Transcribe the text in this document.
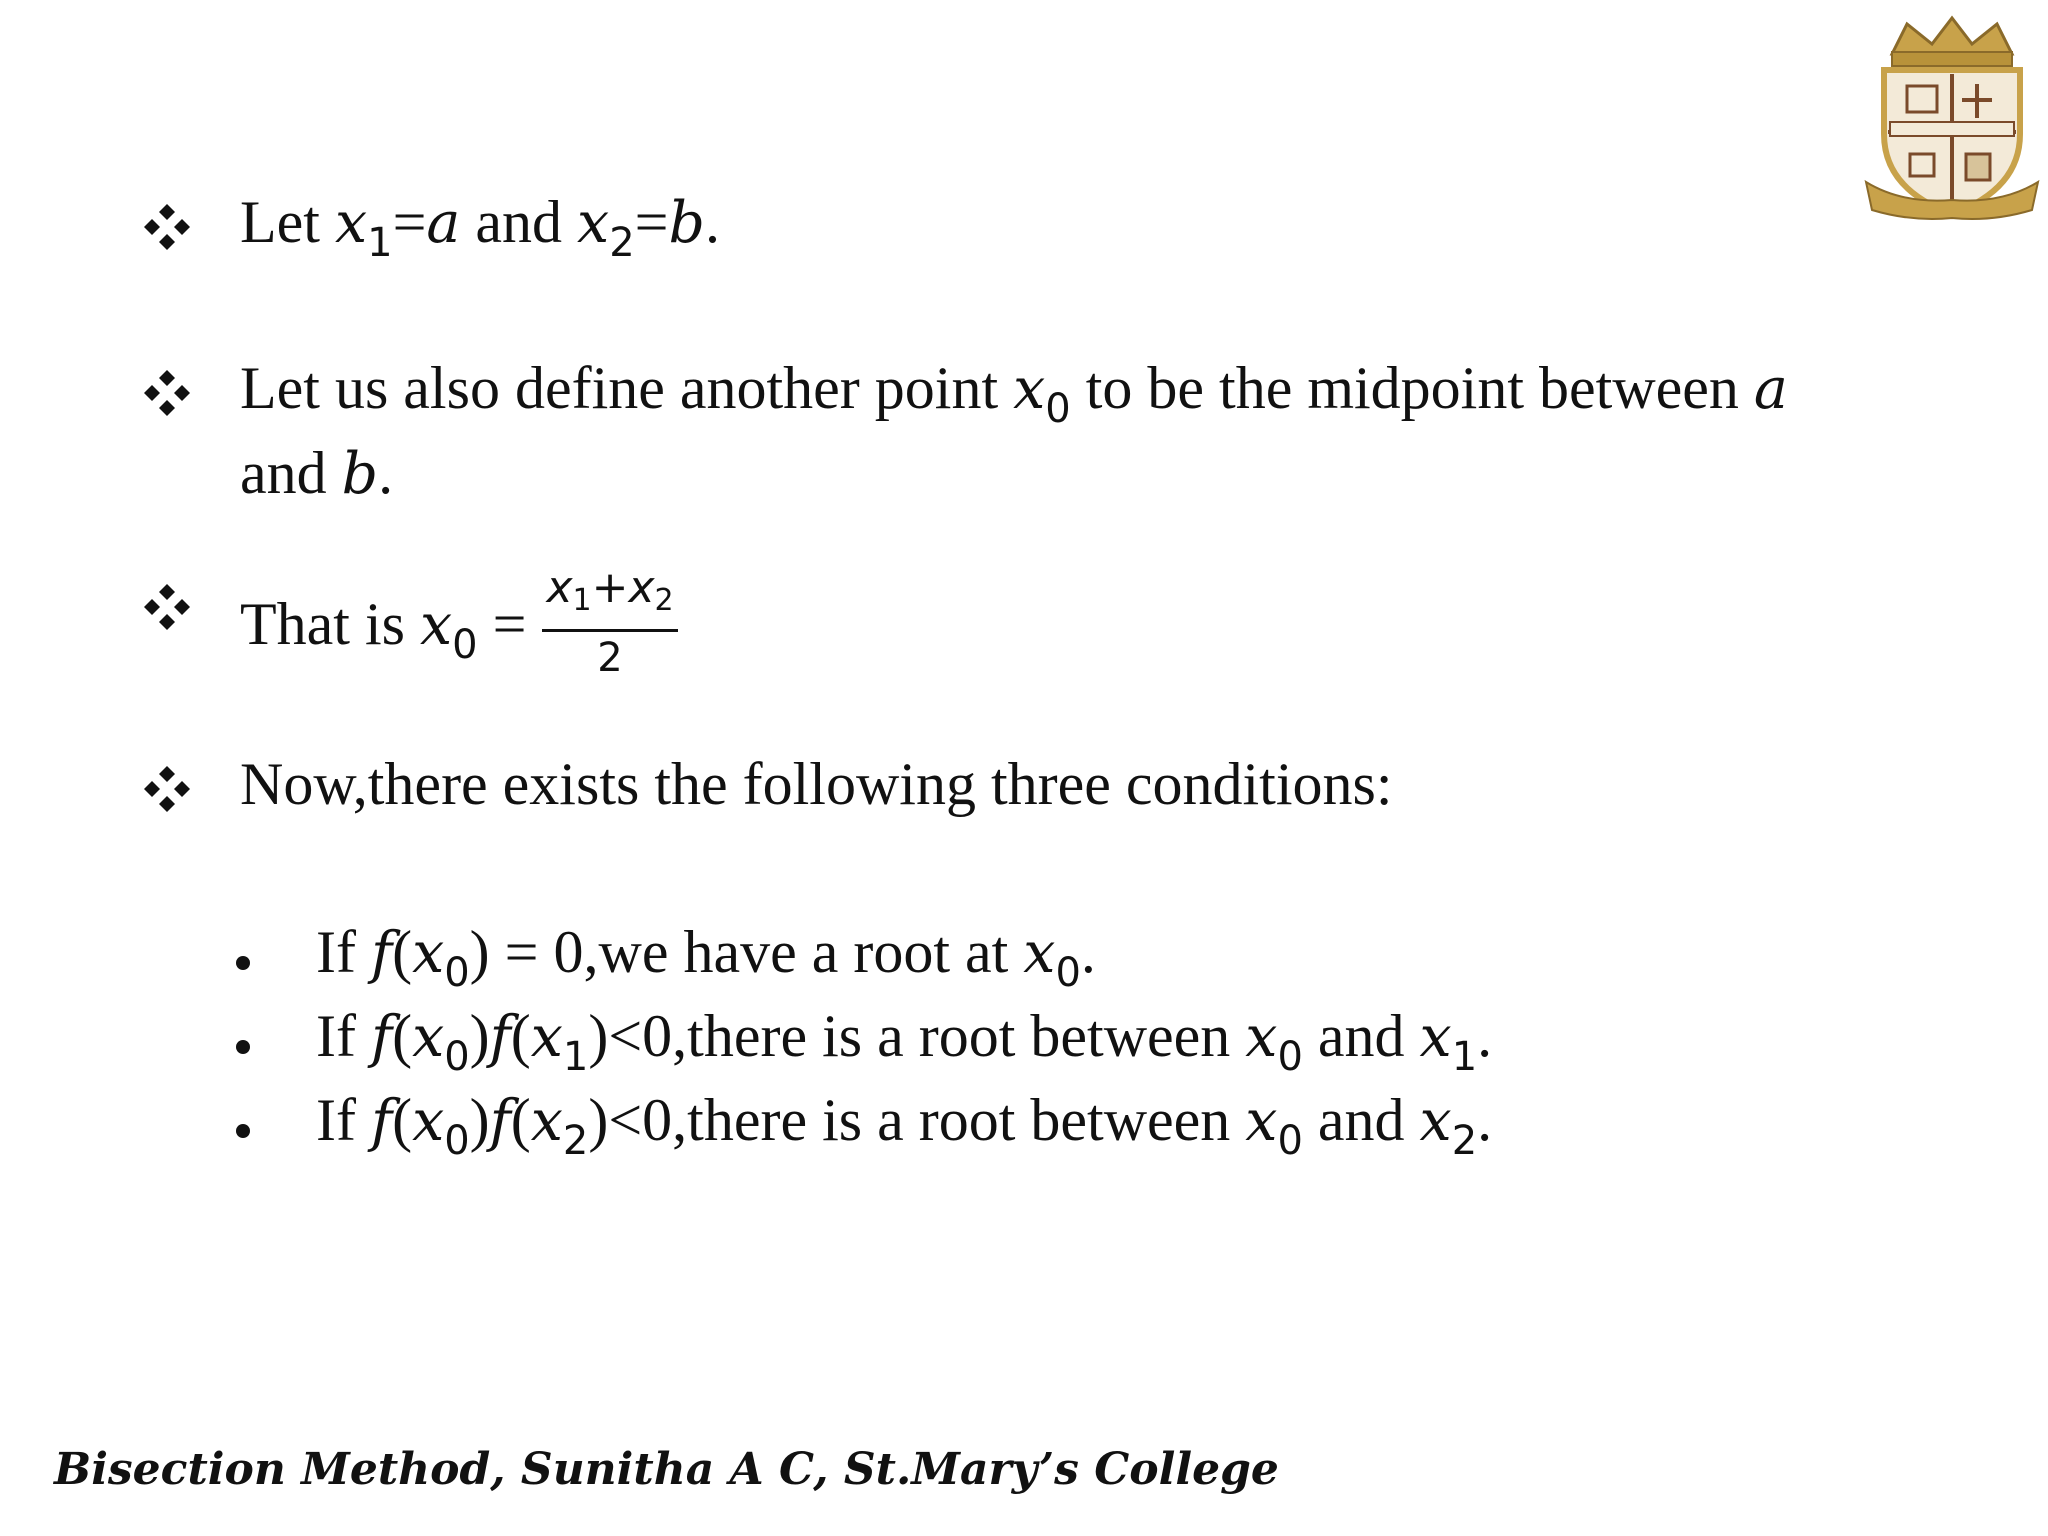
Let $x_1=a$ and $x_2=b$.
Let us also define another point $x_0$ to be the midpoint between a
and b.
That is $x_0 = \frac{x1+x2}{2}$
Now,there exists the following three conditions:
If $f(x_0) = 0,we$ have a root at $x_0$.
If $f(x_0)f(x_1)<0,there$ is a root between $x_0$ and $x_1$.
If $f(x_0)f(x_2)<0,there$ is a root between $x_0$ and $x_2$.
Bisection Method, Sunitha A C, St.Mary’s College
